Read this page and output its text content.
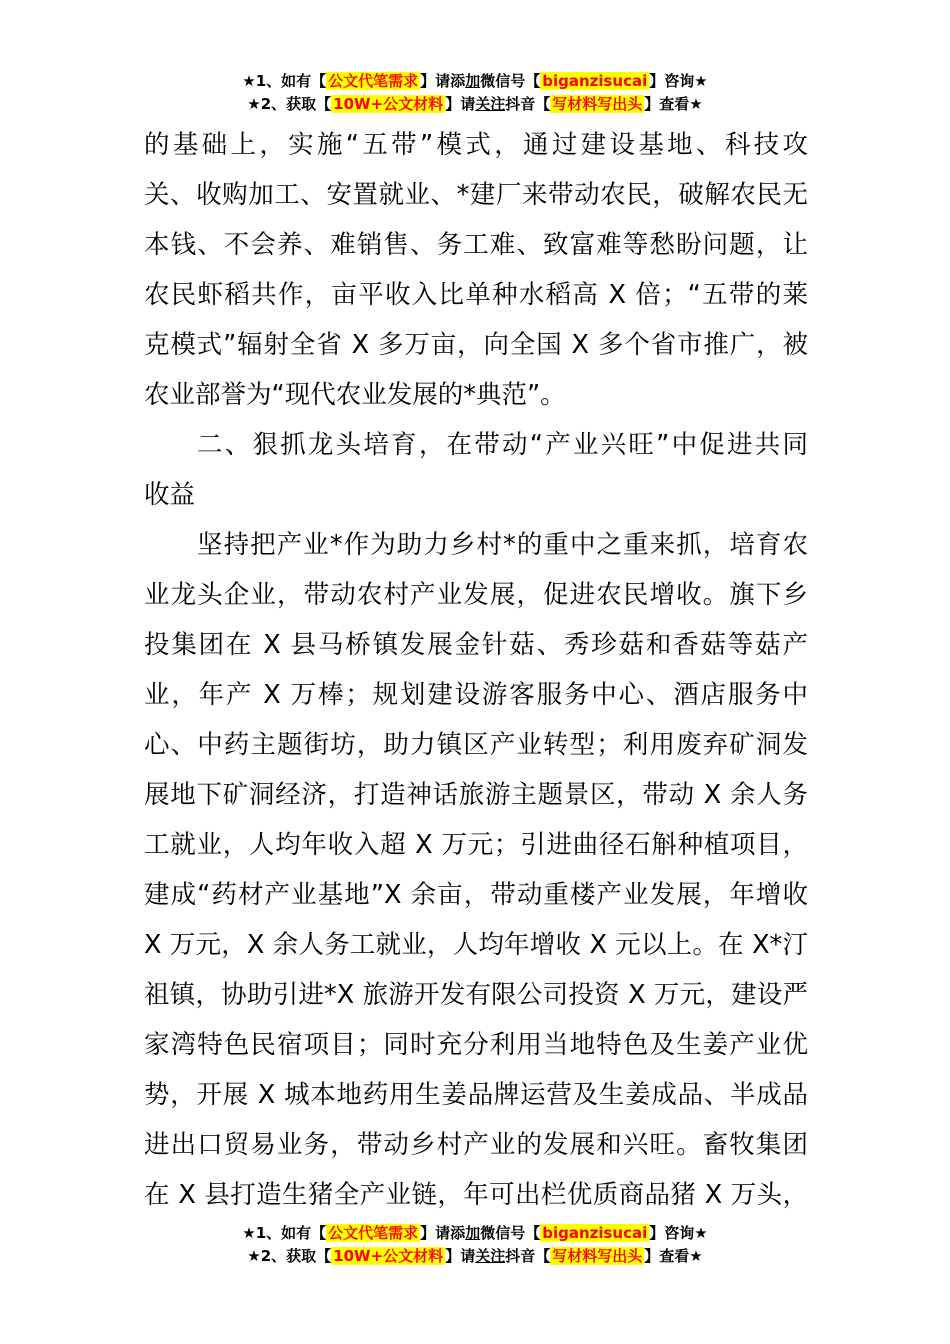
★1、如有【 公文代笔需求 】请添加微信号【 biganzisucai 】咨询★
★2、获取【 10W+公文材料 】请关注抖音【 写材料写出头 】查看★
的基础上，实施“五带”模式，通过建设基地、科技攻
关、收购加工、安置就业、*建厂来带动农民，破解农民无
本钱、不会养、难销售、务工难、致富难等愁盼问题，让
农民虾稻共作，亩平收入比单种水稻高 X 倍；“五带的莱
克模式”辐射全省 X 多万亩，向全国 X 多个省市推广，被
农业部誉为“现代农业发展的*典范”。
二、狠抓龙头培育，在带动“产业兴旺”中促进共同
收益
坚持把产业*作为助力乡村*的重中之重来抓，培育农
业龙头企业，带动农村产业发展，促进农民增收。旗下乡
投集团在 X 县马桥镇发展金针菇、秀珍菇和香菇等菇产
业，年产 X 万棒；规划建设游客服务中心、酒店服务中
心、中药主题街坊，助力镇区产业转型；利用废弃矿洞发
展地下矿洞经济，打造神话旅游主题景区，带动 X 余人务
工就业，人均年收入超 X 万元；引进曲径石斛种植项目，
建成“药材产业基地”X 余亩，带动重楼产业发展，年增收
X 万元，X 余人务工就业，人均年增收 X 元以上。在 X*汀
祖镇，协助引进*X 旅游开发有限公司投资 X 万元，建设严
家湾特色民宿项目；同时充分利用当地特色及生姜产业优
势，开展 X 城本地药用生姜品牌运营及生姜成品、半成品
进出口贸易业务，带动乡村产业的发展和兴旺。畜牧集团
在 X 县打造生猪全产业链，年可出栏优质商品猪 X 万头，
★1、如有【 公文代笔需求 】请添加微信号【 biganzisucai 】咨询★
★2、获取【 10W+公文材料 】请关注抖音【 写材料写出头 】查看★
